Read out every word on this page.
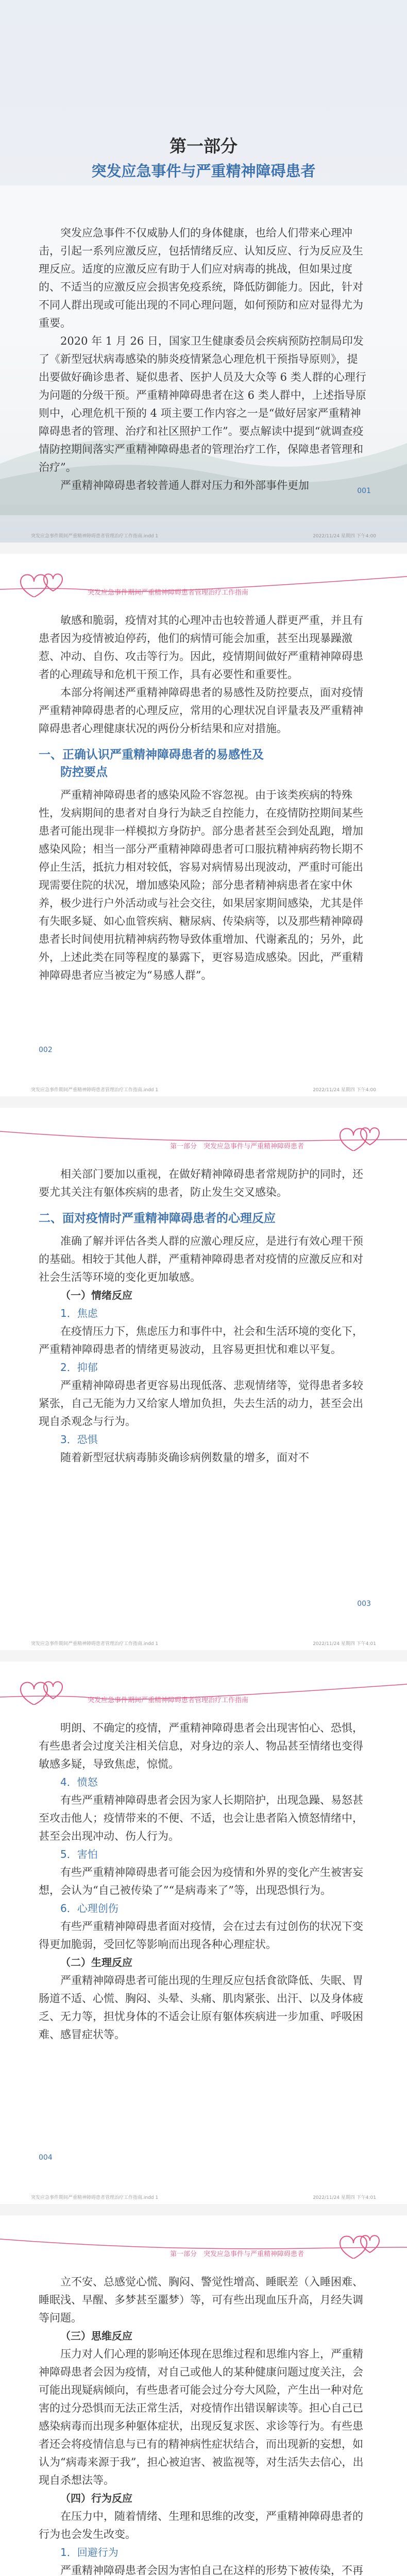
第一部分
突发应急事件与严重精神障碍患者

突发应急事件不仅威胁人们的身体健康，也给人们带来心理冲击，引起一系列应激反应，包括情绪反应、认知反应、行为反应及生理反应。适度的应激反应有助于人们应对病毒的挑战，但如果过度的、不适当的应激反应会损害免疫系统，降低防御能力。因此，针对不同人群出现或可能出现的不同心理问题，如何预防和应对显得尤为重要。

2020 年 1 月 26 日，国家卫生健康委员会疾病预防控制局印发了《新型冠状病毒感染的肺炎疫情紧急心理危机干预指导原则》，提出要做好确诊患者、疑似患者、医护人员及大众等 6 类人群的心理行为问题的分级干预。严重精神障碍患者在这 6 类人群中，上述指导原则中，心理危机干预的 4 项主要工作内容之一是“做好居家严重精神障碍患者的管理、治疗和社区照护工作”。要点解读中提到“就调查疫情防控期间落实严重精神障碍患者的管理治疗工作，保障患者管理和治疗”。

严重精神障碍患者较普通人群对压力和外部事件更加	001
突发应急事件期间严重精神障碍患者管理治疗工作指南.indd 1	2022/11/24 星期四 下午4:00
突发应急事件期间严重精神障碍患者管理治疗工作指南

敏感和脆弱，疫情对其的心理冲击也较普通人群更严重，并且有患者因为疫情被迫停药，他们的病情可能会加重，甚至出现暴躁激惹、冲动、自伤、攻击等行为。因此，疫情期间做好严重精神障碍患者的心理疏导和危机干预工作，具有必要性和重要性。

本部分将阐述严重精神障碍患者的易感性及防控要点，面对疫情严重精神障碍患者的心理反应，常用的心理状况自评量表及严重精神障碍患者心理健康状况的两份分析结果和应对措施。

一、正确认识严重精神障碍患者的易感性及
防控要点

严重精神障碍患者的感染风险不容忽视。由于该类疾病的特殊性，发病期间的患者对自身行为缺乏自控能力，在疫情防控期间某些患者可能出现非一样模拟方身防护。部分患者甚至会到处乱跑，增加感染风险；相当一部分严重精神障碍患者可口服抗精神病药物长期不停止生活，抵抗力相对较低，容易对病情易出现波动，严重时可能出现需要住院的状况，增加感染风险；部分患者精神病患者在家中休养，极少进行户外活动或与社会交往，如果居家期间感染，尤其是伴有失眠多疑、如心血管疾病、糖尿病、传染病等，以及那些精神障碍患者长时间使用抗精神病药物导致体重增加、代谢紊乱的；另外，此外，上述此类在同等程度的暴露下，更容易造成感染。因此，严重精神障碍患者应当被定为“易感人群”。

002
突发应急事件期间严重精神障碍患者管理治疗工作指南.indd 1	2022/11/24 星期四 下午4:00
第一部分　突发应急事件与严重精神障碍患者

相关部门要加以重视，在做好精神障碍患者常规防护的同时，还要尤其关注有躯体疾病的患者，防止发生交叉感染。

二、面对疫情时严重精神障碍患者的心理反应

准确了解并评估各类人群的应激心理反应，是进行有效心理干预的基础。相较于其他人群，严重精神障碍患者对疫情的应激反应和对社会生活等环境的变化更加敏感。

（一）情绪反应

1．焦虑

在疫情压力下，焦虑压力和事件中，社会和生活环境的变化下，严重精神障碍患者的情绪更易波动，且容易更担忧和难以平复。

2．抑郁

严重精神障碍患者更容易出现低落、悲观情绪等，觉得患者多较紧张，自己无能为力又给家人增加负担，失去生活的动力，甚至会出现自杀观念与行为。

3．恐惧

随着新型冠状病毒肺炎确诊病例数量的增多，面对不

003
突发应急事件期间严重精神障碍患者管理治疗工作指南.indd 1	2022/11/24 星期四 下午4:01
突发应急事件期间严重精神障碍患者管理治疗工作指南

明朗、不确定的疫情，严重精神障碍患者会出现害怕心、恐惧，有些患者会过度关注相关信息，对身边的亲人、物品甚至情绪也变得敏感多疑，导致焦虑，惊慌。

4．愤怒

有些严重精神障碍患者会因为家人长期陪护，出现急躁、易怒甚至攻击他人；疫情带来的不便、不适，也会让患者陷入愤怒情绪中，甚至会出现冲动、伤人行为。

5．害怕

有些严重精神障碍患者可能会因为疫情和外界的变化产生被害妄想，会认为“自己被传染了”“是病毒来了”等，出现恐惧行为。

6．心理创伤

有些严重精神障碍患者面对疫情，会在过去有过创伤的状况下变得更加脆弱，受回忆等影响而出现各种心理症状。

（二）生理反应

严重精神障碍患者可能出现的生理反应包括食欲降低、失眠、胃肠道不适、心慌、胸闷、头晕、头痛、肌肉紧张、出汗、以及身体疲乏、无力等，担忧身体的不适会让原有躯体疾病进一步加重、呼吸困难、感冒症状等。

004
突发应急事件期间严重精神障碍患者管理治疗工作指南.indd 1	2022/11/24 星期四 下午4:01
第一部分　突发应急事件与严重精神障碍患者

立不安、总感觉心慌、胸闷、警觉性增高、睡眠差（入睡困难、睡眠浅、早醒、多梦甚至噩梦）等，可有些出现血压升高，月经失调等问题。

（三）思维反应

压力对人们心理的影响还体现在思维过程和思维内容上，严重精神障碍患者会因为疫情，对自己或他人的某种健康问题过度关注，会可能出现疑病倾向，有些患者可能会过分夸大风险，产生出一种对危害的过分恐惧而无法正常生活，对疫情作出错误解读等。担心自己已感染病毒而出现多种躯体症状，出现反复求医、求诊等行为。有些患者还会将疫情信息与已有的精神病性症状结合，而出现新的妄想，如认为“病毒来源于我”，担心被迫害、被监视等，对生活失去信心，出现自杀想法等。

（四）行为反应

在压力中，随着情绪、生理和思维的改变，严重精神障碍患者的行为也会发生改变。

1．回避行为

严重精神障碍患者会因为害怕自己在这样的形势下被传染，不再
